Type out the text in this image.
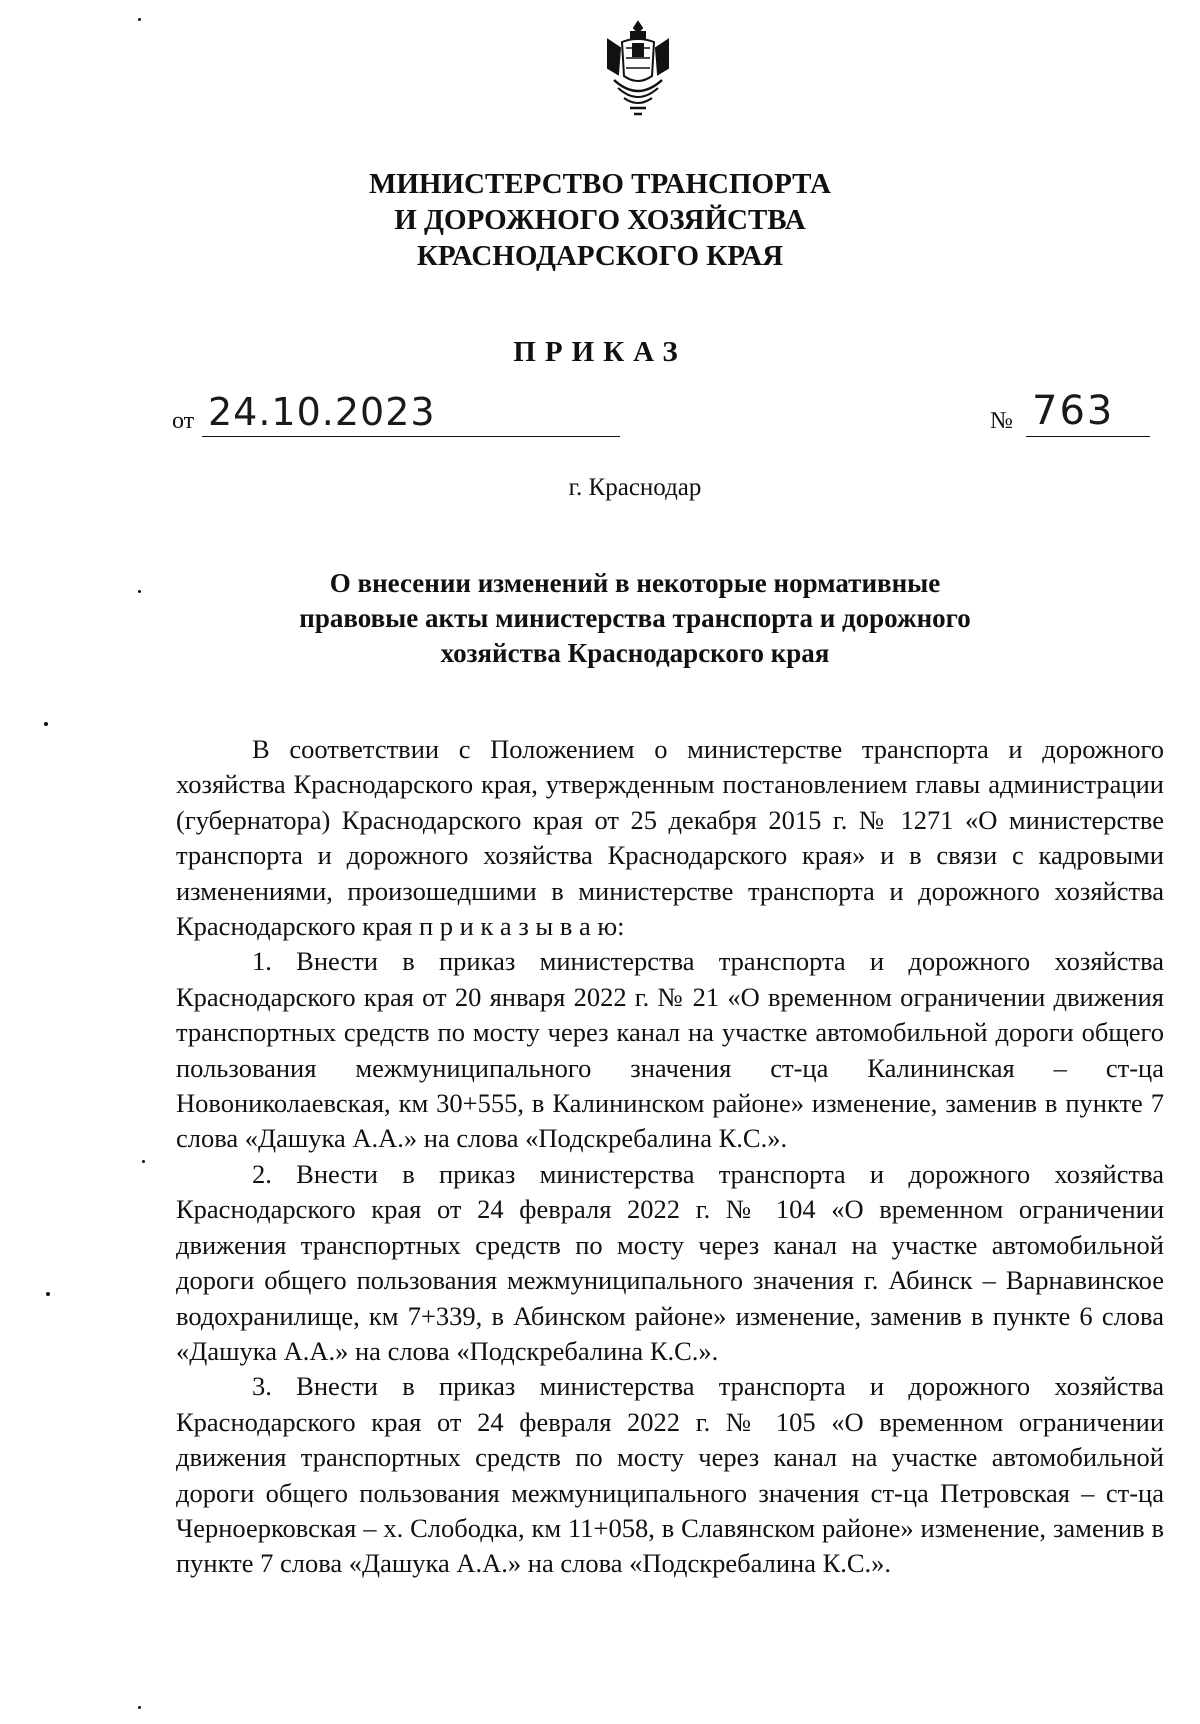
МИНИСТЕРСТВО ТРАНСПОРТА
И ДОРОЖНОГО ХОЗЯЙСТВА
КРАСНОДАРСКОГО КРАЯ
ПРИКАЗ
от 24.10.2023	№ 763
г. Краснодар
О внесении изменений в некоторые нормативные
правовые акты министерства транспорта и дорожного
хозяйства Краснодарского края

В соответствии с Положением о министерстве транспорта и дорожного хозяйства Краснодарского края, утвержденным постановлением главы администрации (губернатора) Краснодарского края от 25 декабря 2015 г. № 1271 «О министерстве транспорта и дорожного хозяйства Краснодарского края» и в связи с кадровыми изменениями, произошедшими в министерстве транспорта и дорожного хозяйства Краснодарского края п р и к а з ы в а ю:

1. Внести в приказ министерства транспорта и дорожного хозяйства Краснодарского края от 20 января 2022 г. № 21 «О временном ограничении движения транспортных средств по мосту через канал на участке автомобильной дороги общего пользования межмуниципального значения ст-ца Калининская – ст-ца Новониколаевская, км 30+555, в Калининском районе» изменение, заменив в пункте 7 слова «Дашука А.А.» на слова «Подскребалина К.С.».

2. Внести в приказ министерства транспорта и дорожного хозяйства Краснодарского края от 24 февраля 2022 г. № 104 «О временном ограничении движения транспортных средств по мосту через канал на участке автомобильной дороги общего пользования межмуниципального значения г. Абинск – Варнавинское водохранилище, км 7+339, в Абинском районе» изменение, заменив в пункте 6 слова «Дашука А.А.» на слова «Подскребалина К.С.».

3. Внести в приказ министерства транспорта и дорожного хозяйства Краснодарского края от 24 февраля 2022 г. № 105 «О временном ограничении движения транспортных средств по мосту через канал на участке автомобильной дороги общего пользования межмуниципального значения ст-ца Петровская – ст-ца Черноерковская – х. Слободка, км 11+058, в Славянском районе» изменение, заменив в пункте 7 слова «Дашука А.А.» на слова «Подскребалина К.С.».
